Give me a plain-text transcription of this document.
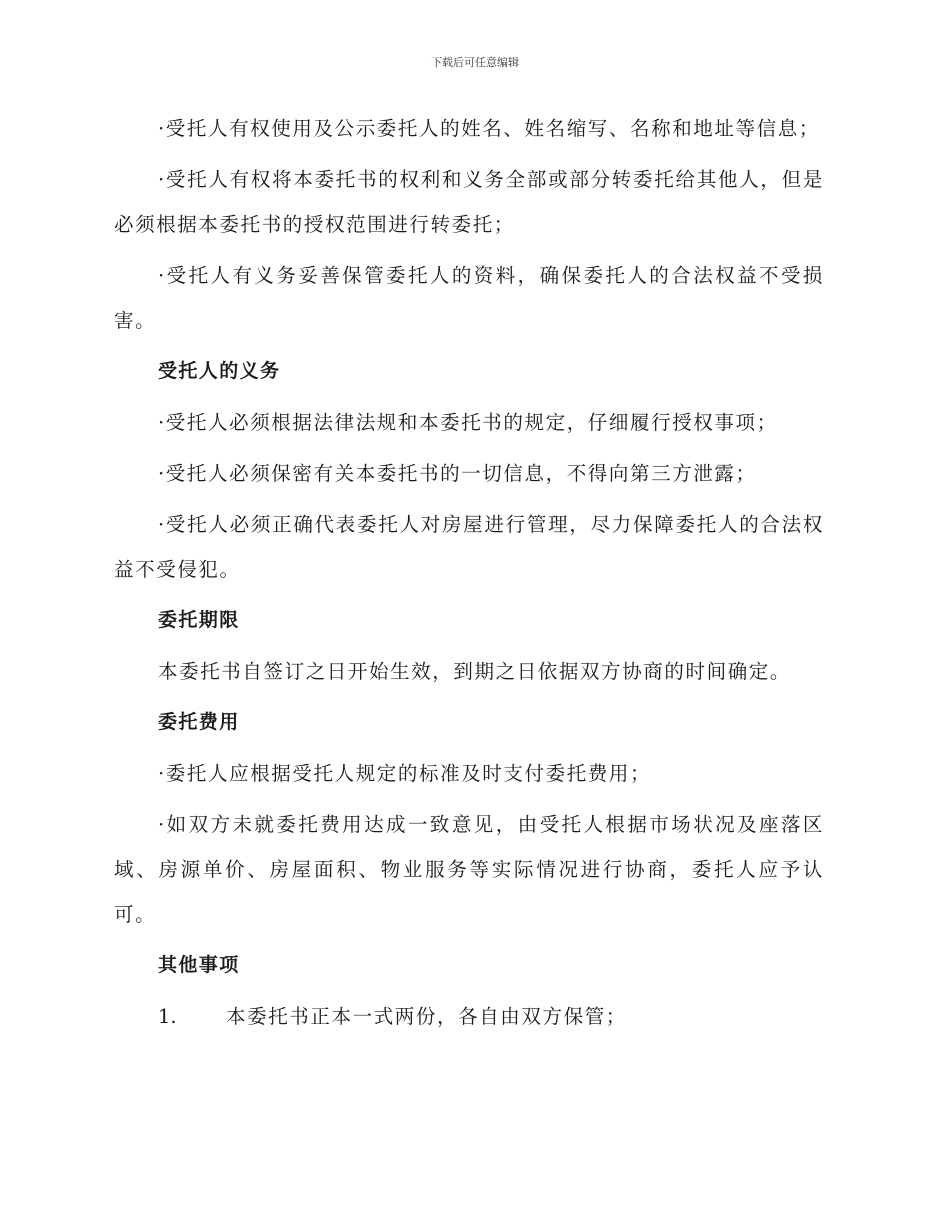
下载后可任意编辑

·受托人有权使用及公示委托人的姓名、姓名缩写、名称和地址等信息；

·受托人有权将本委托书的权利和义务全部或部分转委托给其他人，但是必须根据本委托书的授权范围进行转委托；

·受托人有义务妥善保管委托人的资料，确保委托人的合法权益不受损害。

受托人的义务

·受托人必须根据法律法规和本委托书的规定，仔细履行授权事项；

·受托人必须保密有关本委托书的一切信息，不得向第三方泄露；

·受托人必须正确代表委托人对房屋进行管理，尽力保障委托人的合法权益不受侵犯。

委托期限

本委托书自签订之日开始生效，到期之日依据双方协商的时间确定。

委托费用

·委托人应根据受托人规定的标准及时支付委托费用；

·如双方未就委托费用达成一致意见，由受托人根据市场状况及座落区域、房源单价、房屋面积、物业服务等实际情况进行协商，委托人应予认可。

其他事项

1.	本委托书正本一式两份，各自由双方保管；
